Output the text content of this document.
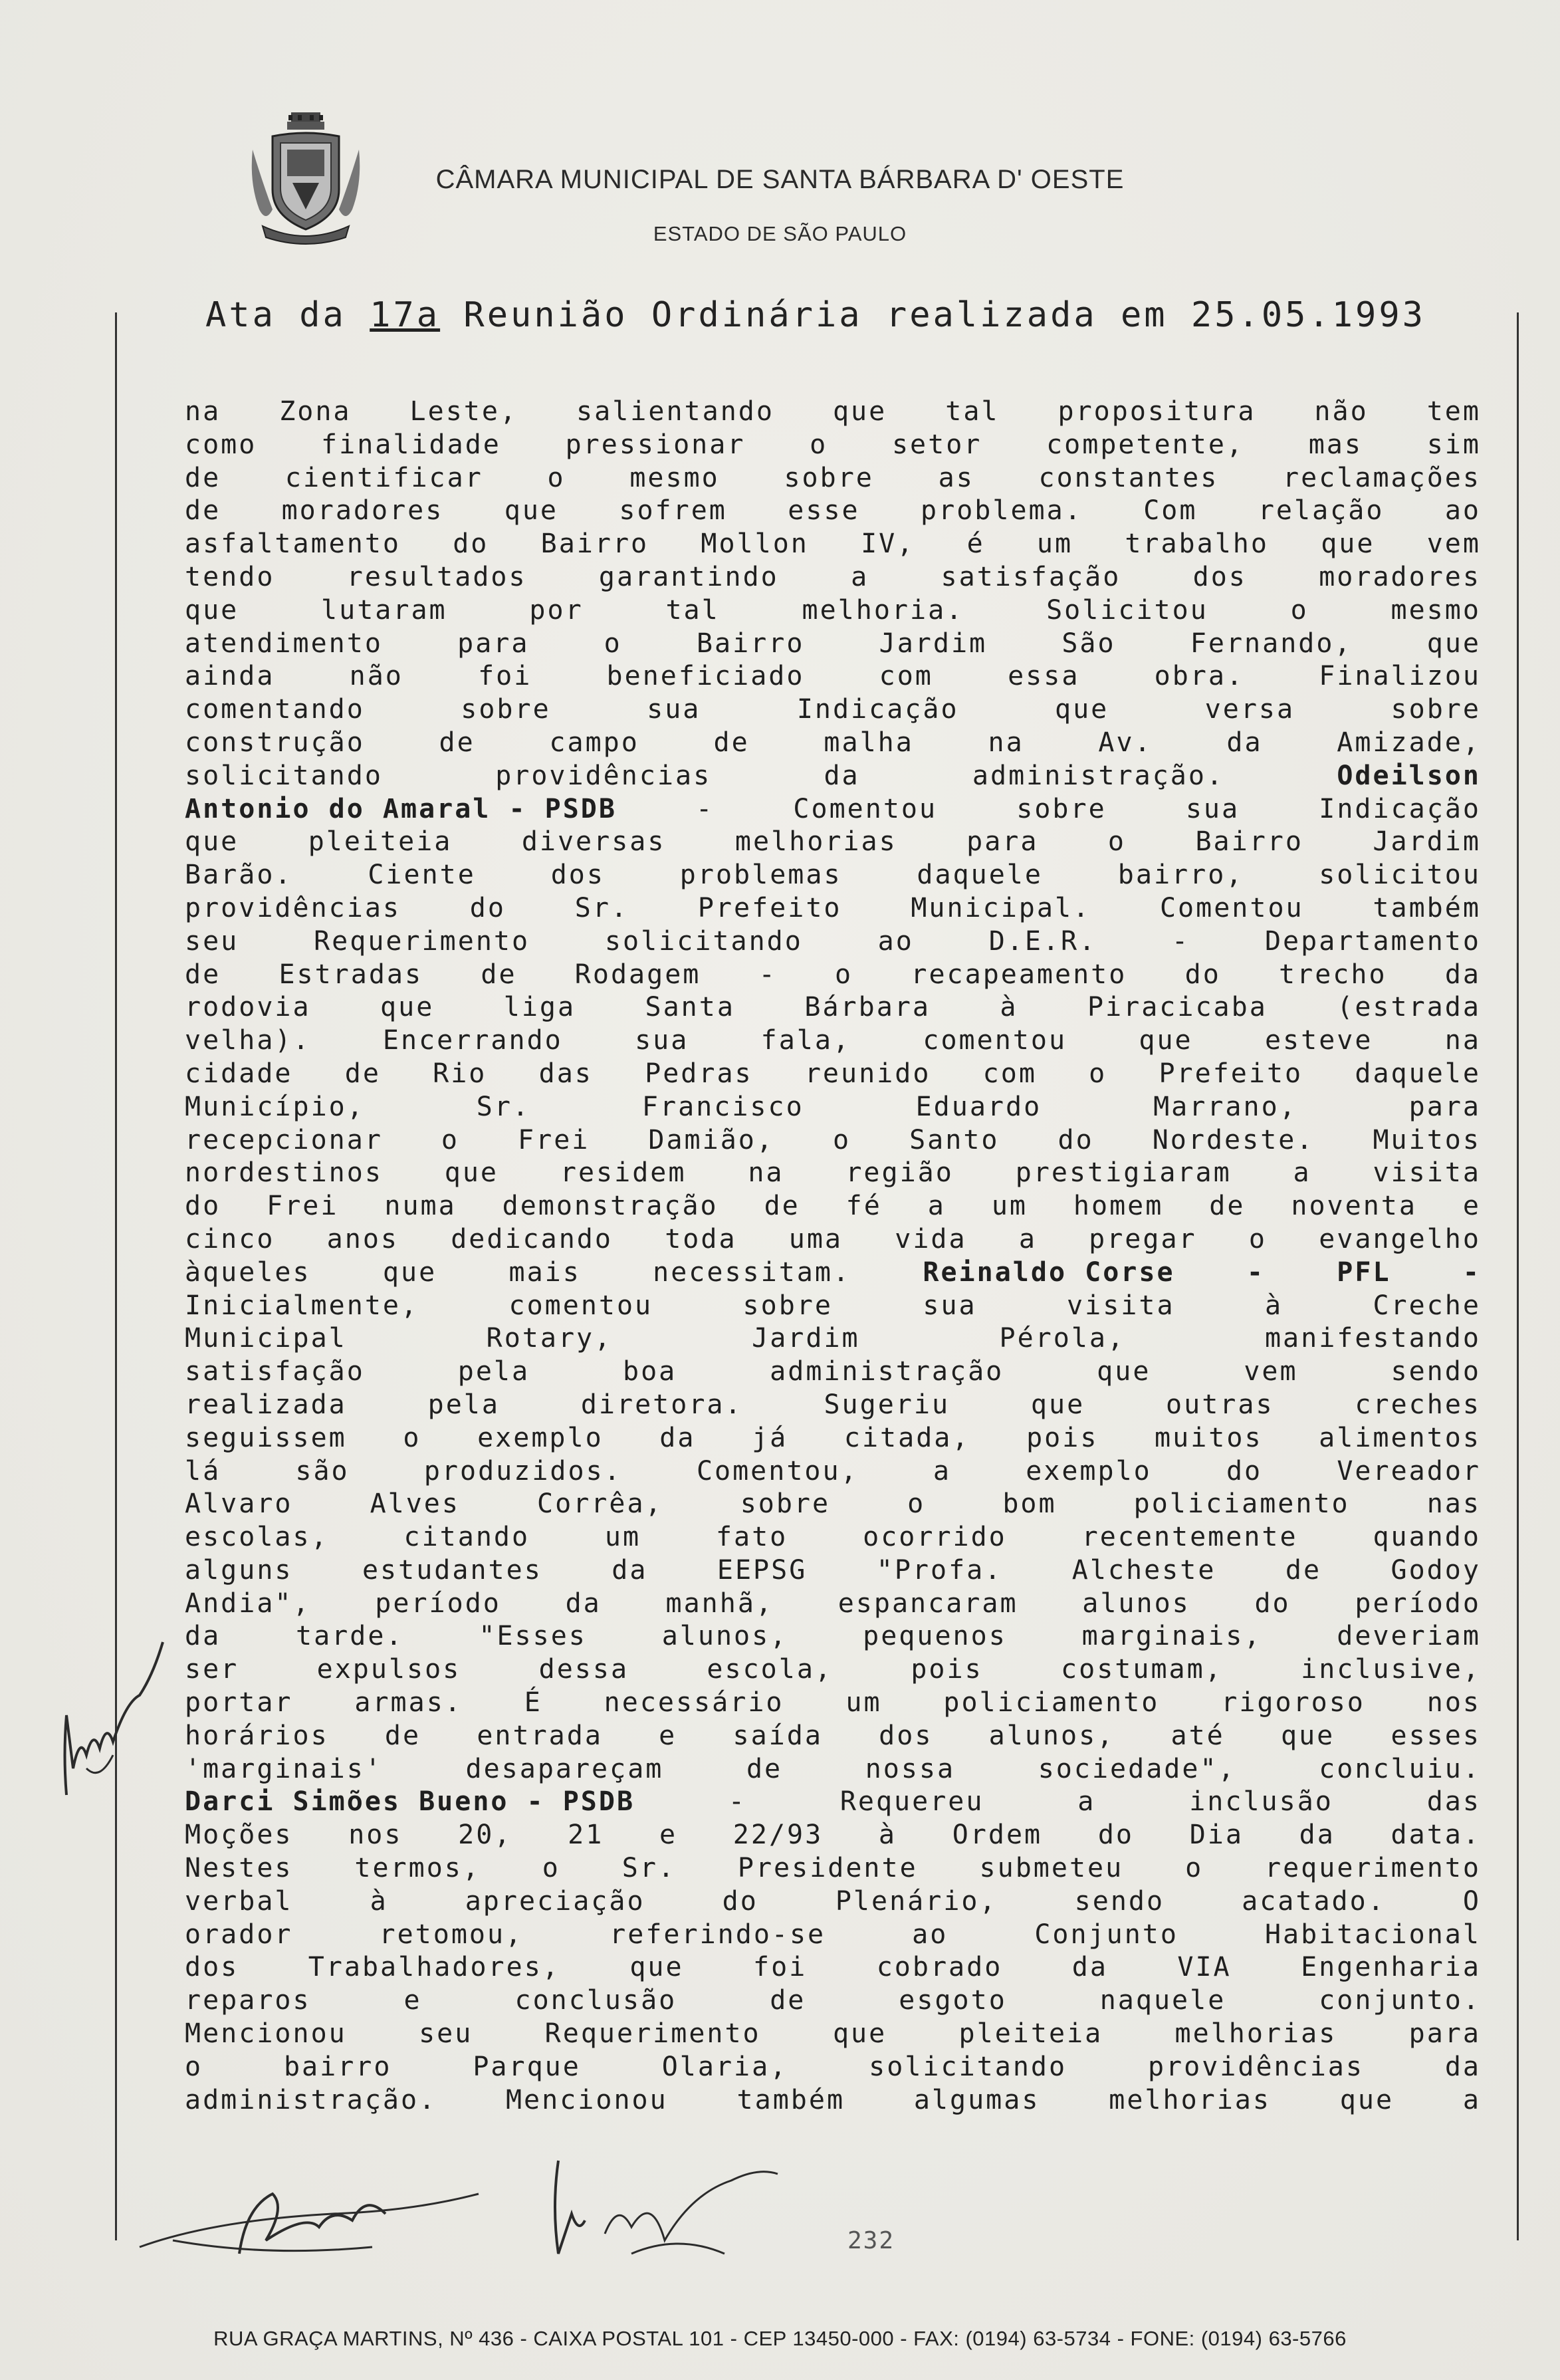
CÂMARA MUNICIPAL DE SANTA BÁRBARA D' OESTE
ESTADO DE SÃO PAULO
Ata da 17a Reunião Ordinária realizada em 25.05.1993
na Zona Leste, salientando que tal propositura não tem
como finalidade pressionar o setor competente, mas sim
de cientificar o mesmo sobre as constantes reclamações
de moradores que sofrem esse problema. Com relação ao
asfaltamento do Bairro Mollon IV, é um trabalho que vem
tendo	resultados	garantindo	a	satisfação	dos	moradores
que	lutaram	por	tal	melhoria.	Solicitou	o	mesmo
atendimento	para	o	Bairro	Jardim	São	Fernando,	que
ainda	não	foi	beneficiado	com	essa	obra.	Finalizou
comentando	sobre	sua	Indicação	que	versa	sobre
construção	de	campo	de	malha	na	Av.	da	Amizade,
solicitando	providências	da	administração.	Odeilson
Antonio do Amaral - PSDB	-	Comentou	sobre	sua	Indicação
que	pleiteia	diversas	melhorias	para	o	Bairro	Jardim
Barão.	Ciente	dos	problemas	daquele	bairro,	solicitou
providências	do	Sr.	Prefeito	Municipal.	Comentou	também
seu	Requerimento	solicitando	ao	D.E.R.	-	Departamento
de Estradas de Rodagem - o recapeamento do trecho da
rodovia	que	liga	Santa	Bárbara	à	Piracicaba	(estrada
velha).	Encerrando	sua	fala,	comentou	que	esteve	na
cidade de Rio das Pedras reunido com o Prefeito daquele
Município,	Sr.	Francisco	Eduardo	Marrano,	para
recepcionar o Frei Damião, o Santo do Nordeste. Muitos
nordestinos que residem na região prestigiaram a visita
do Frei numa demonstração de fé a um homem de noventa e
cinco anos dedicando toda uma vida a pregar o evangelho
àqueles	que	mais	necessitam.	Reinaldo Corse	-	PFL	-
Inicialmente,	comentou	sobre	sua	visita	à	Creche
Municipal	Rotary,	Jardim	Pérola,	manifestando
satisfação	pela	boa	administração	que	vem	sendo
realizada	pela	diretora.	Sugeriu	que	outras	creches
seguissem o exemplo da já citada, pois muitos alimentos
lá	são	produzidos.	Comentou,	a	exemplo	do	Vereador
Alvaro	Alves	Corrêa,	sobre	o	bom	policiamento	nas
escolas,	citando	um	fato	ocorrido	recentemente	quando
alguns	estudantes	da	EEPSG	"Profa.	Alcheste	de	Godoy
Andia", período da manhã, espancaram alunos do período
da	tarde.	"Esses	alunos,	pequenos	marginais,	deveriam
ser	expulsos	dessa	escola,	pois	costumam,	inclusive,
portar armas. É necessário um policiamento rigoroso nos
horários de entrada e saída dos alunos, até que esses
'marginais'	desapareçam	de	nossa	sociedade",	concluiu.
Darci Simões Bueno - PSDB	-	Requereu	a	inclusão	das
Moções nos 20, 21 e 22/93 à Ordem do Dia da data.
Nestes termos, o Sr. Presidente submeteu o requerimento
verbal	à	apreciação	do	Plenário,	sendo	acatado.	O
orador	retomou,	referindo-se	ao	Conjunto	Habitacional
dos	Trabalhadores,	que	foi	cobrado	da	VIA	Engenharia
reparos	e	conclusão	de	esgoto	naquele	conjunto.
Mencionou	seu	Requerimento	que	pleiteia	melhorias	para
o	bairro	Parque	Olaria,	solicitando	providências	da
administração.	Mencionou	também	algumas	melhorias	que	a
232
RUA GRAÇA MARTINS, Nº 436 - CAIXA POSTAL 101 - CEP 13450-000 - FAX: (0194) 63-5734 - FONE: (0194) 63-5766
